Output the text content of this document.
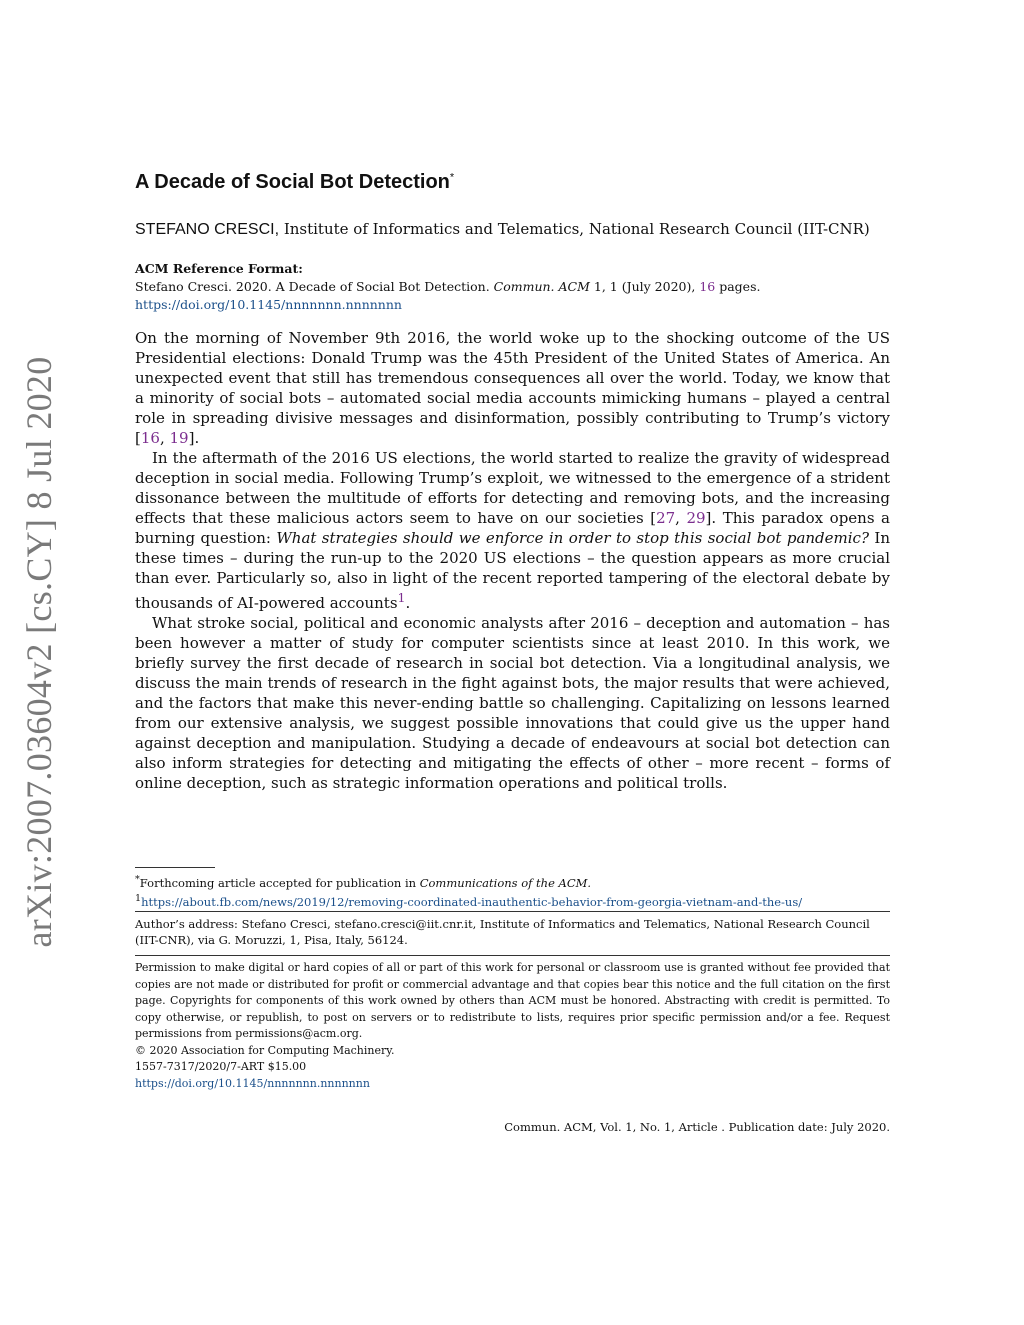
arXiv:2007.03604v2 [cs.CY] 8 Jul 2020
A Decade of Social Bot Detection*
STEFANO CRESCI, Institute of Informatics and Telematics, National Research Council (IIT-CNR)
ACM Reference Format:
Stefano Cresci. 2020. A Decade of Social Bot Detection. Commun. ACM 1, 1 (July 2020), 16 pages. https://doi.org/10.1145/nnnnnnn.nnnnnnn

On the morning of November 9th 2016, the world woke up to the shocking outcome of the US Presidential elections: Donald Trump was the 45th President of the United States of America. An unexpected event that still has tremendous consequences all over the world. Today, we know that a minority of social bots – automated social media accounts mimicking humans – played a central role in spreading divisive messages and disinformation, possibly contributing to Trump’s victory [16, 19].

In the aftermath of the 2016 US elections, the world started to realize the gravity of widespread deception in social media. Following Trump’s exploit, we witnessed to the emergence of a strident dissonance between the multitude of efforts for detecting and removing bots, and the increasing effects that these malicious actors seem to have on our societies [27, 29]. This paradox opens a burning question: What strategies should we enforce in order to stop this social bot pandemic? In these times – during the run-up to the 2020 US elections – the question appears as more crucial than ever. Particularly so, also in light of the recent reported tampering of the electoral debate by thousands of AI-powered accounts$^1$.

What stroke social, political and economic analysts after 2016 – deception and automation – has been however a matter of study for computer scientists since at least 2010. In this work, we briefly survey the first decade of research in social bot detection. Via a longitudinal analysis, we discuss the main trends of research in the fight against bots, the major results that were achieved, and the factors that make this never-ending battle so challenging. Capitalizing on lessons learned from our extensive analysis, we suggest possible innovations that could give us the upper hand against deception and manipulation. Studying a decade of endeavours at social bot detection can also inform strategies for detecting and mitigating the effects of other – more recent – forms of online deception, such as strategic information operations and political trolls.

*Forthcoming article accepted for publication in Communications of the ACM.

$^1$https://about.fb.com/news/2019/12/removing-coordinated-inauthentic-behavior-from-georgia-vietnam-and-the-us/

Author’s address: Stefano Cresci, stefano.cresci@iit.cnr.it, Institute of Informatics and Telematics, National Research Council (IIT-CNR), via G. Moruzzi, 1, Pisa, Italy, 56124.

Permission to make digital or hard copies of all or part of this work for personal or classroom use is granted without fee provided that copies are not made or distributed for profit or commercial advantage and that copies bear this notice and the full citation on the first page. Copyrights for components of this work owned by others than ACM must be honored. Abstracting with credit is permitted. To copy otherwise, or republish, to post on servers or to redistribute to lists, requires prior specific permission and/or a fee. Request permissions from permissions@acm.org.

© 2020 Association for Computing Machinery.

1557-7317/2020/7-ART $15.00

https://doi.org/10.1145/nnnnnnn.nnnnnnn

Commun. ACM, Vol. 1, No. 1, Article . Publication date: July 2020.
